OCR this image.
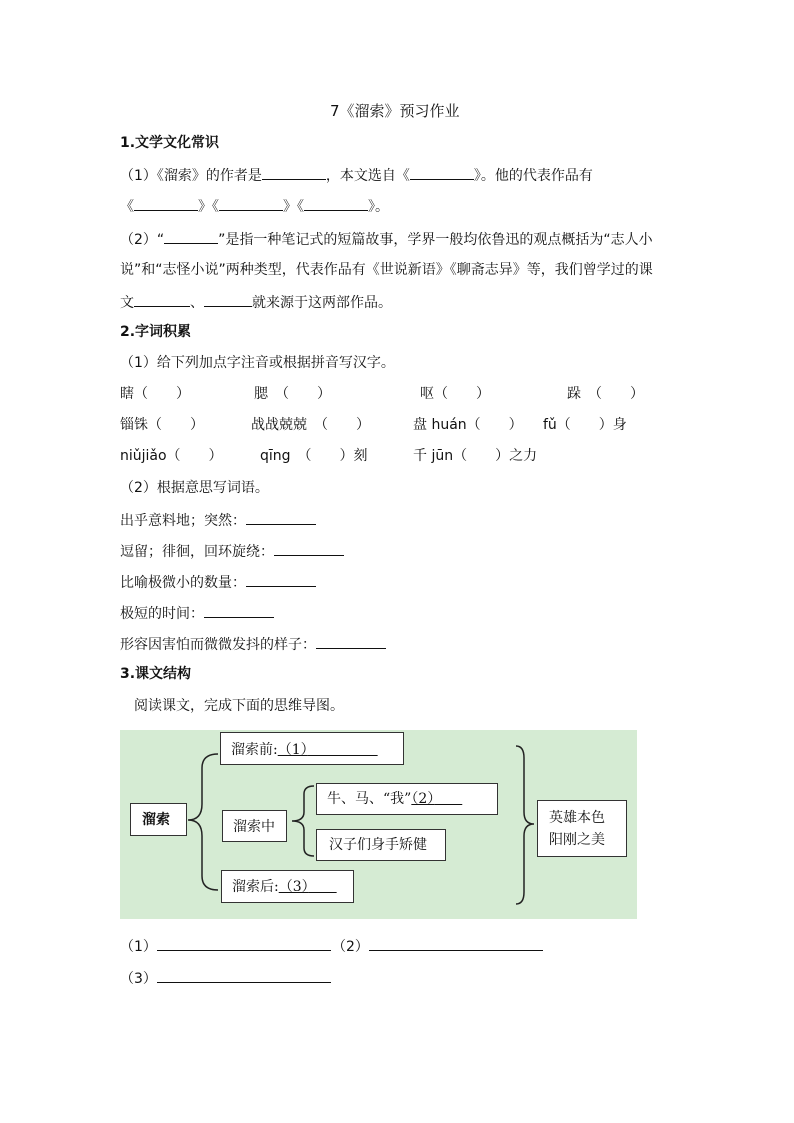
7《溜索》预习作业
1.文学文化常识
（1）《溜索》的作者是	，本文选自《	》。他的代表作品有
《	》《	》《	》。
（2）“	”是指一种笔记式的短篇故事，学界一般均依鲁迅的观点概括为“志人小
说”和“志怪小说”两种类型，代表作品有《世说新语》《聊斋志异》等，我们曾学过的课
文	、	就来源于这两部作品。
2.字词积累
（1）给下列加点字注音或根据拼音写汉字。
瞎（　　）	腮　（　　）	呕（　　）	跺　（　　）
锱铢（　　）	战战兢兢　（　　）	盘 huán（　　） fǔ（　　）身
niǔjiǎo（　　）	qīng　（　　）刻	千 jūn（　　）之力
（2）根据意思写词语。
出乎意料地；突然：
逗留；徘徊，回环旋绕：
比喻极微小的数量：
极短的时间：
形容因害怕而微微发抖的样子：
3.课文结构
阅读课文，完成下面的思维导图。
溜索前:（1）　　　　　
溜索	溜索中
牛、马、“我”（2）　　
汉子们身手矫健
溜索后:（3）　　
英雄本色
阳刚之美
（1）	（2）
（3）
